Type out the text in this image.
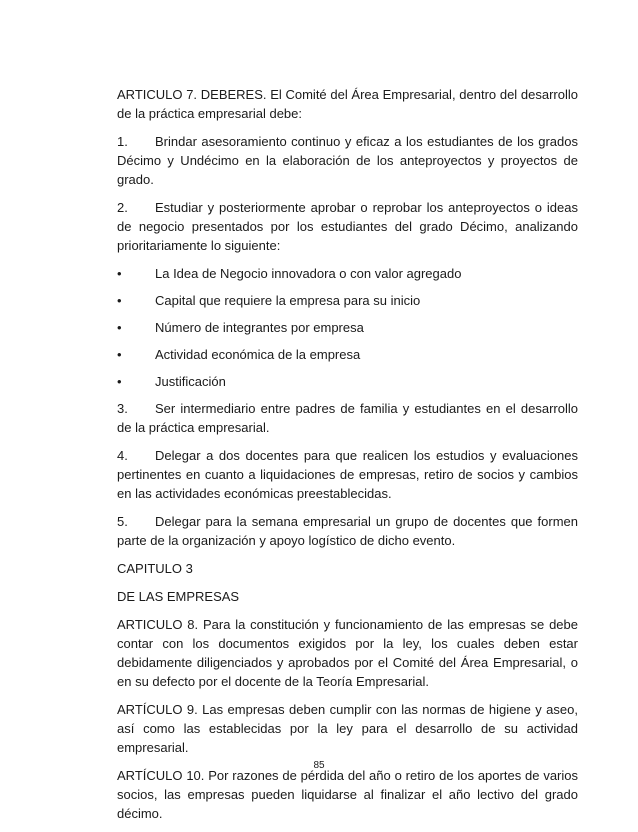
ARTICULO 7. DEBERES. El Comité del Área Empresarial, dentro del desarrollo de la práctica empresarial debe:

1. Brindar asesoramiento continuo y eficaz a los estudiantes de los grados Décimo y Undécimo en la elaboración de los anteproyectos y proyectos de grado.

2. Estudiar y posteriormente aprobar o reprobar los anteproyectos o ideas de negocio presentados por los estudiantes del grado Décimo, analizando prioritariamente lo siguiente:

•	La Idea de Negocio innovadora o con valor agregado
•	Capital que requiere la empresa para su inicio
•	Número de integrantes por empresa
•	Actividad económica de la empresa
•	Justificación

3. Ser intermediario entre padres de familia y estudiantes en el desarrollo de la práctica empresarial.

4. Delegar a dos docentes para que realicen los estudios y evaluaciones pertinentes en cuanto a liquidaciones de empresas, retiro de socios y cambios en las actividades económicas preestablecidas.

5. Delegar para la semana empresarial un grupo de docentes que formen parte de la organización y apoyo logístico de dicho evento.

CAPITULO 3

DE LAS EMPRESAS

ARTICULO 8. Para la constitución y funcionamiento de las empresas se debe contar con los documentos exigidos por la ley, los cuales deben estar debidamente diligenciados y aprobados por el Comité del Área Empresarial, o en su defecto por el docente de la Teoría Empresarial.

ARTÍCULO 9. Las empresas deben cumplir con las normas de higiene y aseo, así como las establecidas por la ley para el desarrollo de su actividad empresarial.

ARTÍCULO 10. Por razones de pérdida del año o retiro de los aportes de varios socios, las empresas pueden liquidarse al finalizar el año lectivo del grado décimo.

85
